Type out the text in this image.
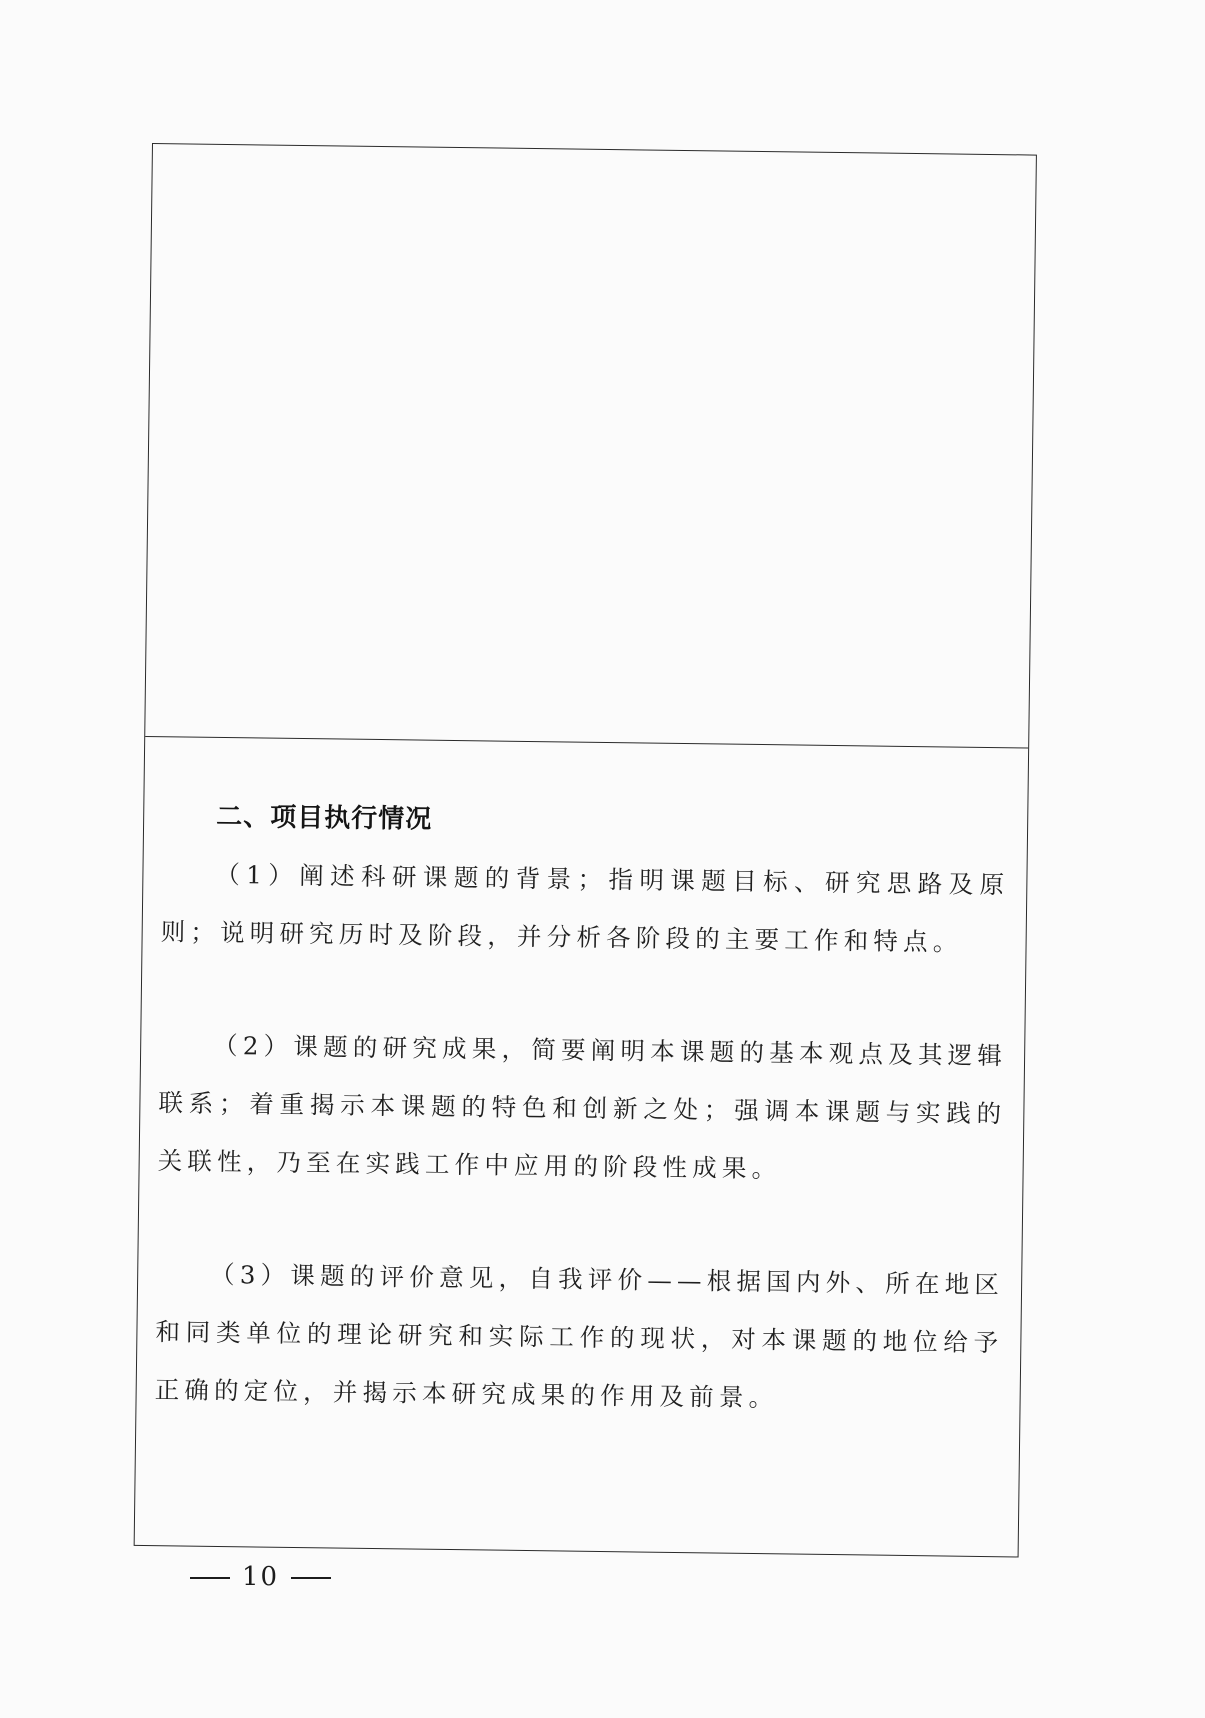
二、项目执行情况
（1）阐述科研课题的背景；指明课题目标、研究思路及原则；说明研究历时及阶段，并分析各阶段的主要工作和特点。
（2）课题的研究成果，简要阐明本课题的基本观点及其逻辑联系；着重揭示本课题的特色和创新之处；强调本课题与实践的关联性，乃至在实践工作中应用的阶段性成果。
（3）课题的评价意见，自我评价——根据国内外、所在地区和同类单位的理论研究和实际工作的现状，对本课题的地位给予正确的定位，并揭示本研究成果的作用及前景。
10
